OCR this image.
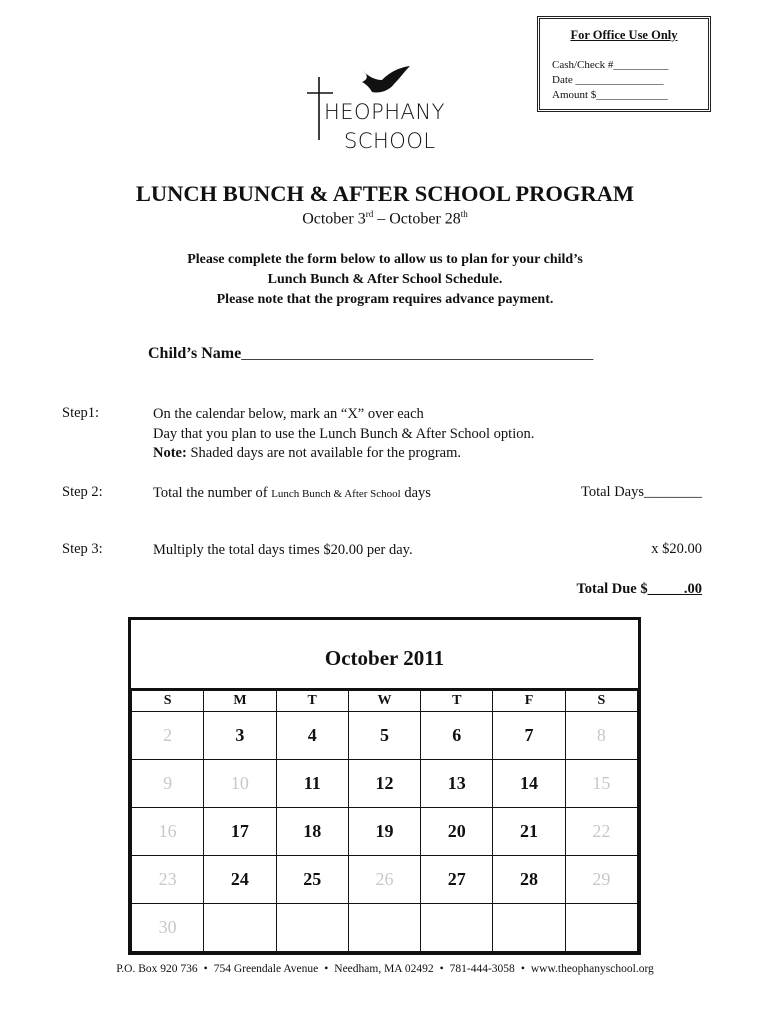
For Office Use Only
Cash/Check #__________
Date ________________
Amount $_____________
HEOPHANY
SCHOOL
LUNCH BUNCH & AFTER SCHOOL PROGRAM
October 3rd – October 28th
Please complete the form below to allow us to plan for your child’s
Lunch Bunch & After School Schedule.
Please note that the program requires advance payment.
Child’s Name____________________________________________
Step1:	On the calendar below, mark an “X” over each
Day that you plan to use the Lunch Bunch & After School option.
Note: Shaded days are not available for the program.
Step 2:	Total the number of Lunch Bunch & After School days	Total Days________
Step 3:	Multiply the total days times $20.00 per day.	x $20.00
Total Due $_____.00
October 2011
S	M	T	W	T	F	S
2	3	4	5	6	7	8
9	10	11	12	13	14	15
16	17	18	19	20	21	22
23	24	25	26	27	28	29
30						
P.O. Box 920 736 • 754 Greendale Avenue • Needham, MA 02492 • 781-444-3058 • www.theophanyschool.org
